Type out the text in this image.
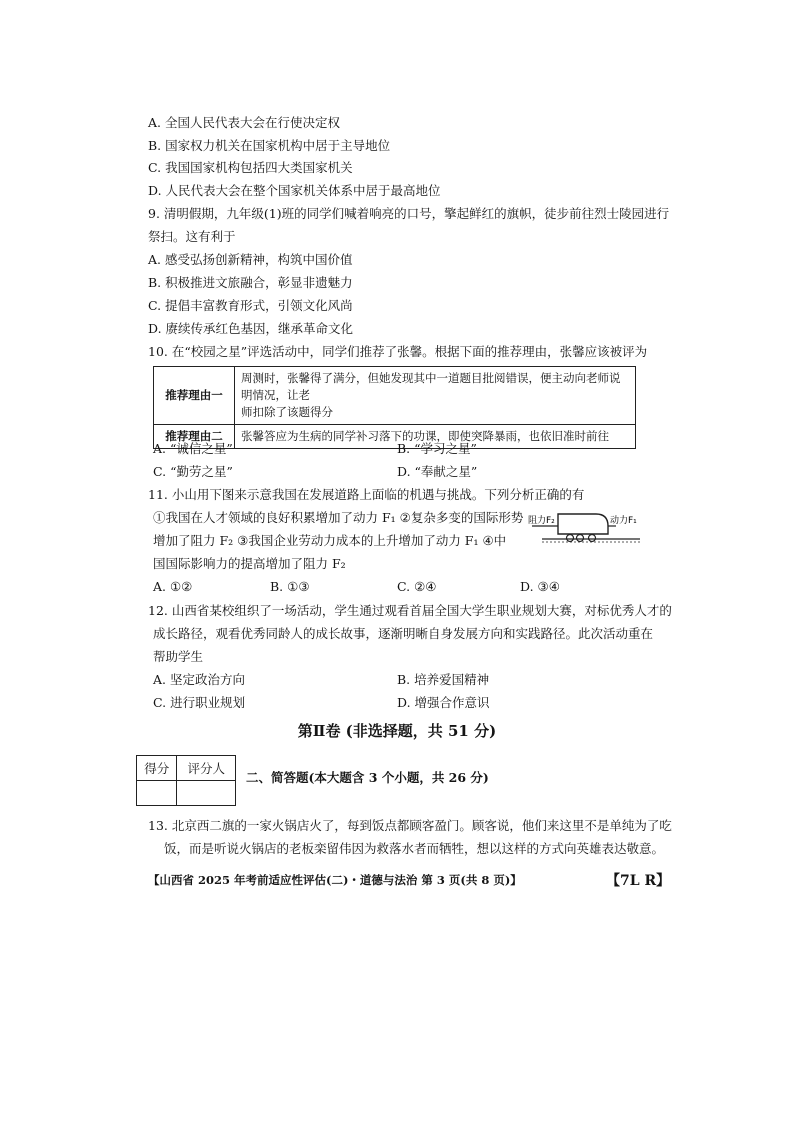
A. 全国人民代表大会在行使决定权
B. 国家权力机关在国家机构中居于主导地位
C. 我国国家机构包括四大类国家机关
D. 人民代表大会在整个国家机关体系中居于最高地位
9. 清明假期，九年级(1)班的同学们喊着响亮的口号，擎起鲜红的旗帜，徒步前往烈士陵园进行
祭扫。这有利于
A. 感受弘扬创新精神，构筑中国价值
B. 积极推进文旅融合，彰显非遗魅力
C. 提倡丰富教育形式，引领文化风尚
D. 赓续传承红色基因，继承革命文化
10. 在“校园之星”评选活动中，同学们推荐了张馨。根据下面的推荐理由，张馨应该被评为
推荐理由一	周测时，张馨得了满分，但她发现其中一道题目批阅错误，便主动向老师说明情况，让老
师扣除了该题得分

推荐理由二	张馨答应为生病的同学补习落下的功课，即使突降暴雨，也依旧准时前往
A. “诚信之星”	B. “学习之星”
C. “勤劳之星”	D. “奉献之星”
11. 小山用下图来示意我国在发展道路上面临的机遇与挑战。下列分析正确的有
①我国在人才领域的良好积累增加了动力 F₁ ②复杂多变的国际形势
增加了阻力 F₂ ③我国企业劳动力成本的上升增加了动力 F₁ ④中
国国际影响力的提高增加了阻力 F₂
阻力F₂	动力F₁
A. ①②	B. ①③	C. ②④	D. ③④
12. 山西省某校组织了一场活动，学生通过观看首届全国大学生职业规划大赛，对标优秀人才的
成长路径，观看优秀同龄人的成长故事，逐渐明晰自身发展方向和实践路径。此次活动重在
帮助学生
A. 坚定政治方向	B. 培养爱国精神
C. 进行职业规划	D. 增强合作意识
第Ⅱ卷 (非选择题，共 51 分)
得分	评分人

二、简答题(本大题含 3 个小题，共 26 分)
13. 北京西二旗的一家火锅店火了，每到饭点都顾客盈门。顾客说，他们来这里不是单纯为了吃
饭，而是听说火锅店的老板栾留伟因为救落水者而牺牲，想以这样的方式向英雄表达敬意。
【山西省 2025 年考前适应性评估(二)・道德与法治 第 3 页(共 8 页)】	【7L R】
